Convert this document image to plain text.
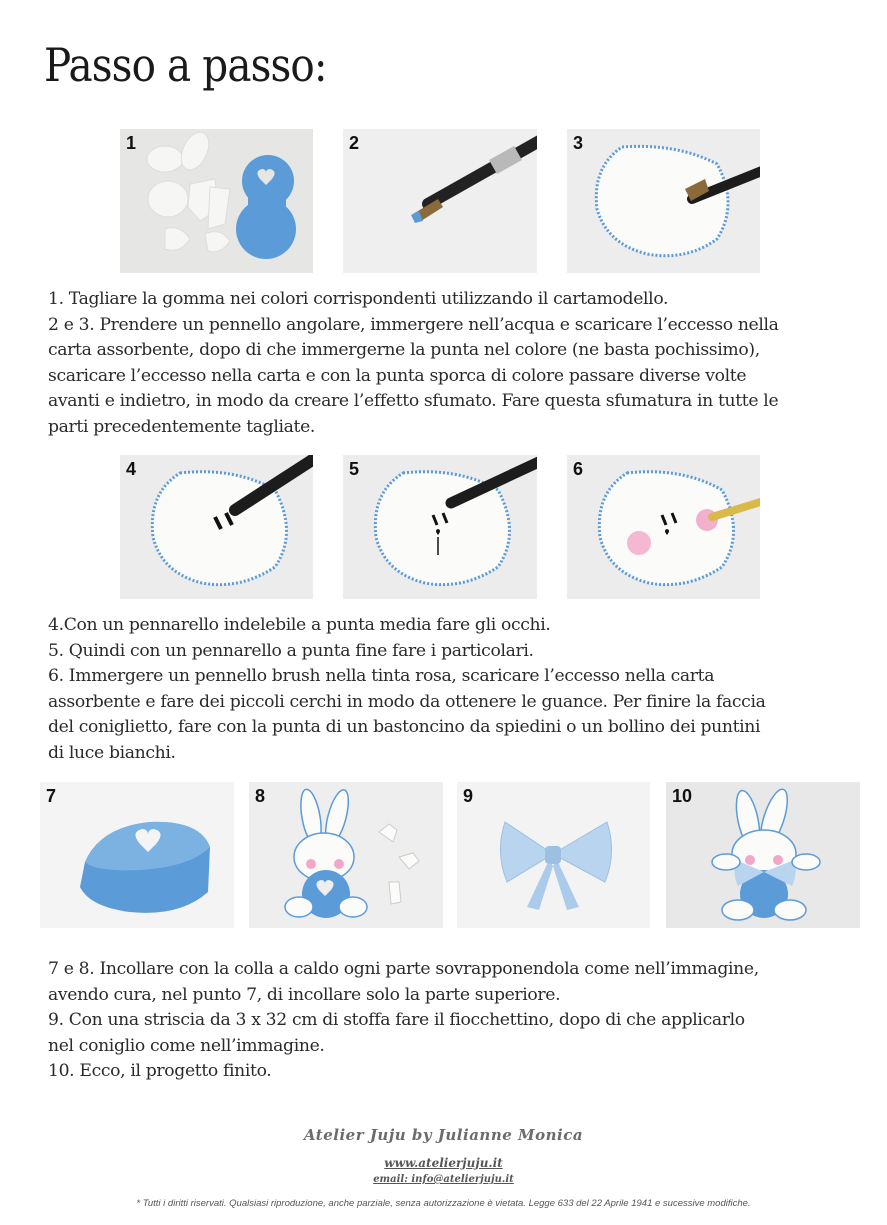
Passo a passo:
1	2	3

1. Tagliare la gomma nei colori corrispondenti utilizzando il cartamodello.

2 e 3. Prendere un pennello angolare, immergere nell’acqua e scaricare l’eccesso nella

carta assorbente, dopo di che immergerne la punta nel colore (ne basta pochissimo),

scaricare l’eccesso nella carta e con la punta sporca di colore passare diverse volte

avanti e indietro, in modo da creare l’effetto sfumato. Fare questa sfumatura in tutte le

parti precedentemente tagliate.

4	5	6

4.Con un pennarello indelebile a punta media fare gli occhi.

5. Quindi con un pennarello a punta fine fare i particolari.

6. Immergere un pennello brush nella tinta rosa, scaricare l’eccesso nella carta

assorbente e fare dei piccoli cerchi in modo da ottenere le guance. Per finire la faccia

del coniglietto, fare con la punta di un bastoncino da spiedini o un bollino dei puntini

di luce bianchi.

7	8	9	10

7 e 8. Incollare con la colla a caldo ogni parte sovrapponendola come nell’immagine,

avendo cura, nel punto 7, di incollare solo la parte superiore.

9. Con una striscia da 3 x 32 cm di stoffa fare il fiocchettino, dopo di che applicarlo

nel coniglio come nell’immagine.

10. Ecco, il progetto finito.

Atelier Juju by Julianne Monica
www.atelierjuju.it
email: info@atelierjuju.it
* Tutti i diritti riservati. Qualsiasi riproduzione, anche parziale, senza autorizzazione è vietata. Legge 633 del 22 Aprile 1941 e sucessive modifiche.
